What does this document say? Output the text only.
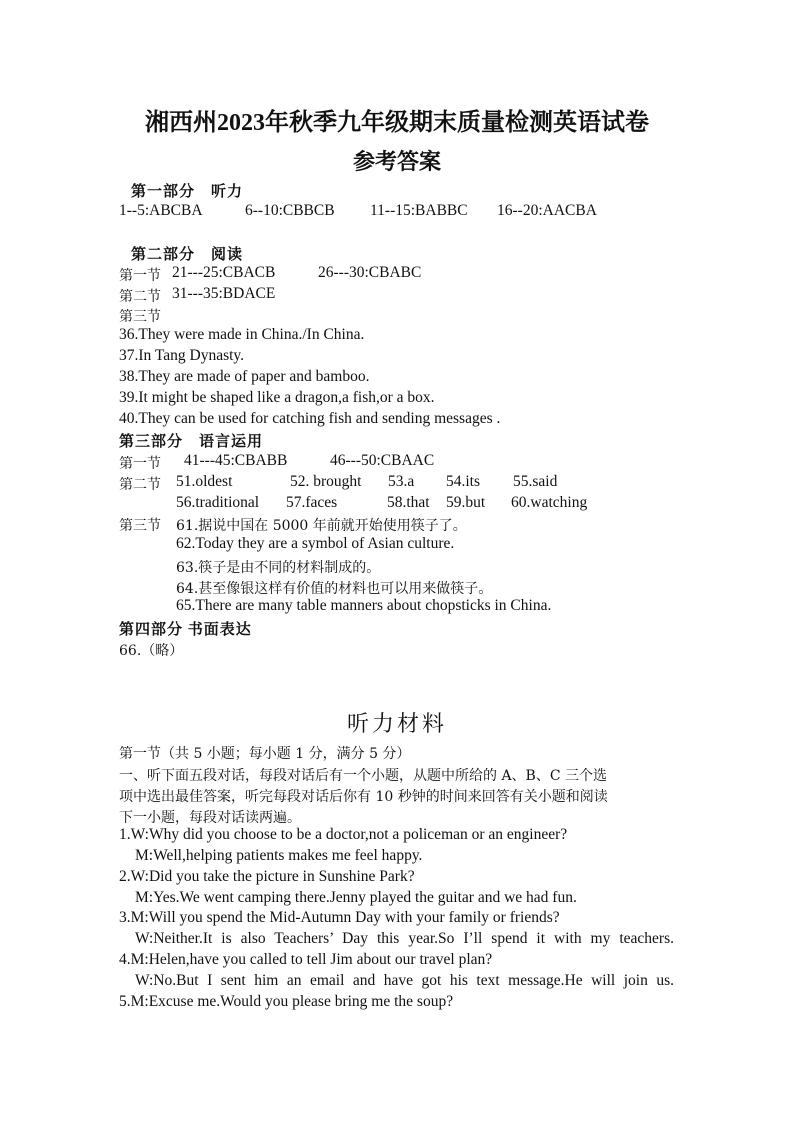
湘西州2023年秋季九年级期末质量检测英语试卷
参考答案
第一部分　听力
1--5:ABCBA	6--10:CBBCB 11--15:BABBC 16--20:AACBA
第二部分　阅读
第一节 21---25:CBACB	26---30:CBABC
第二节 31---35:BDACE
第三节
36.They were made in China./In China.
37.In Tang Dynasty.
38.They are made of paper and bamboo.
39.It might be shaped like a dragon,a fish,or a box.
40.They can be used for catching fish and sending messages .
第三部分　语言运用
第一节 41---45:CBABB	46---50:CBAAC
第二节 51.oldest	52. brought 53.a 54.its 55.said
56.traditional 57.faces	58.that 59.but 60.watching
第三节 61.据说中国在 5000 年前就开始使用筷子了。
62.Today they are a symbol of Asian culture.
63.筷子是由不同的材料制成的。
64.甚至像银这样有价值的材料也可以用来做筷子。
65.There are many table manners about chopsticks in China.
第四部分 书面表达
66.（略）
听力材料
第一节（共 5 小题；每小题 1 分，满分 5 分）
一、听下面五段对话，每段对话后有一个小题，从题中所给的 A、B、C 三个选
项中选出最佳答案，听完每段对话后你有 10 秒钟的时间来回答有关小题和阅读
下一小题，每段对话读两遍。
1.W:Why did you choose to be a doctor,not a policeman or an engineer?
M:Well,helping patients makes me feel happy.
2.W:Did you take the picture in Sunshine Park?
M:Yes.We went camping there.Jenny played the guitar and we had fun.
3.M:Will you spend the Mid-Autumn Day with your family or friends?
W:Neither.It is also Teachers’ Day this year.So I’ll spend it with my teachers.
4.M:Helen,have you called to tell Jim about our travel plan?
W:No.But I sent him an email and have got his text message.He will join us.
5.M:Excuse me.Would you please bring me the soup?
